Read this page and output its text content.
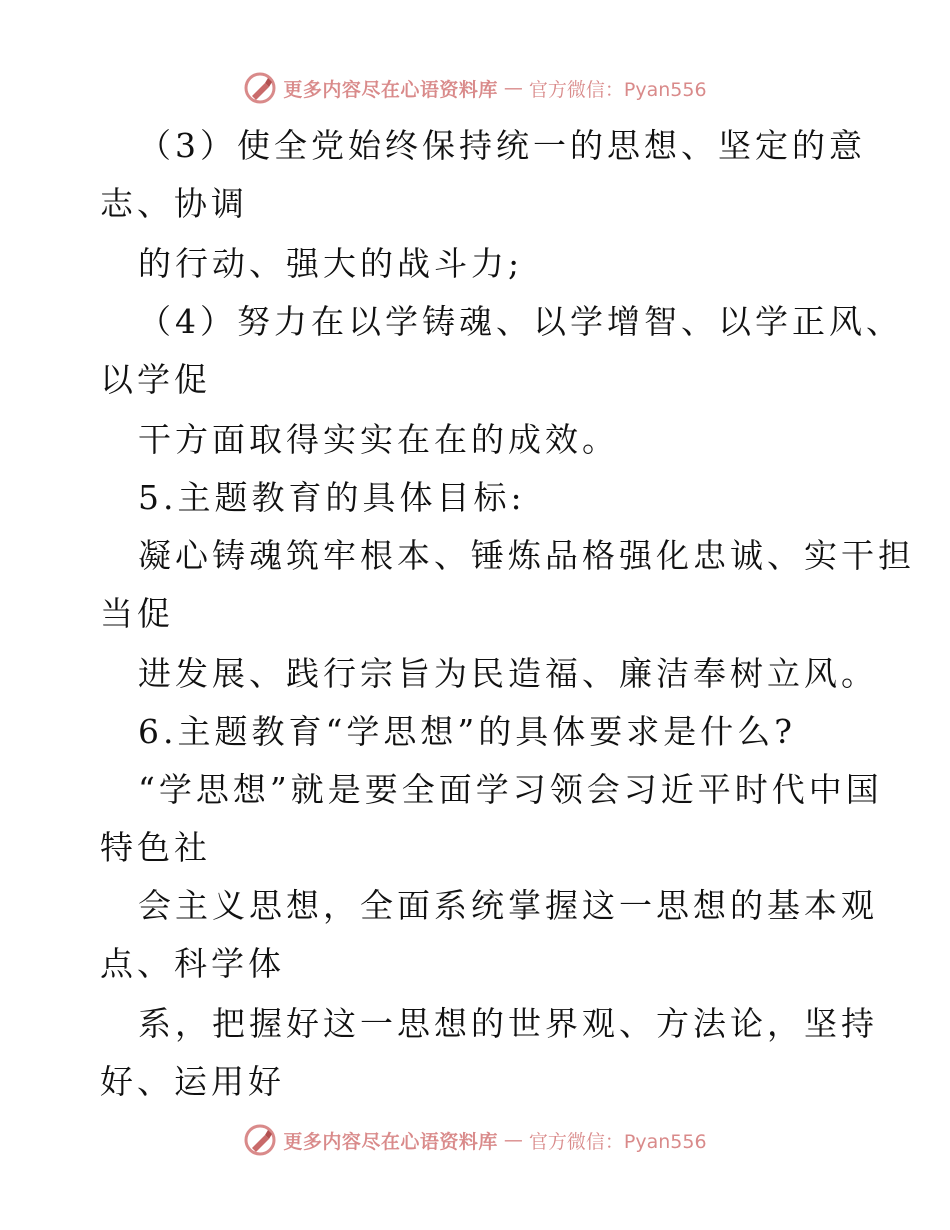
更多内容尽在心语资料库 — 官方微信：Pyan556
（3）使全党始终保持统一的思想、坚定的意
志、协调
的行动、强大的战斗力;
（4）努力在以学铸魂、以学增智、以学正风、
以学促
干方面取得实实在在的成效。
5.主题教育的具体目标:
凝心铸魂筑牢根本、锤炼品格强化忠诚、实干担
当促
进发展、践行宗旨为民造福、廉洁奉树立风。
6.主题教育“学思想”的具体要求是什么?
“学思想”就是要全面学习领会习近平时代中国
特色社
会主义思想，全面系统掌握这一思想的基本观
点、科学体
系，把握好这一思想的世界观、方法论，坚持
好、运用好
更多内容尽在心语资料库 — 官方微信：Pyan556
